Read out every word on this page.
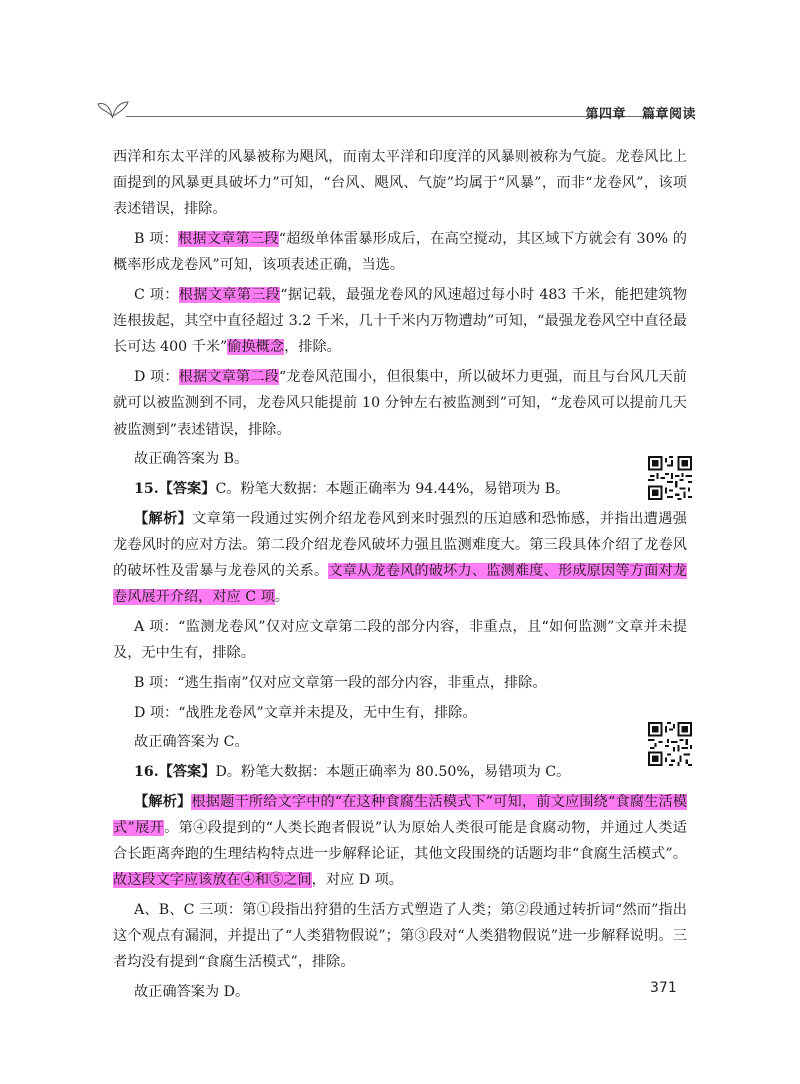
第四章 篇章阅读

西洋和东太平洋的风暴被称为飓风，而南太平洋和印度洋的风暴则被称为气旋。龙卷风比上面提到的风暴更具破坏力”可知，“台风、飓风、气旋”均属于“风暴”，而非“龙卷风”，该项表述错误，排除。

B 项：根据文章第三段“超级单体雷暴形成后，在高空搅动，其区域下方就会有 30% 的概率形成龙卷风”可知，该项表述正确，当选。

C 项：根据文章第三段“据记载，最强龙卷风的风速超过每小时 483 千米，能把建筑物连根拔起，其空中直径超过 3.2 千米，几十千米内万物遭劫”可知，“最强龙卷风空中直径最长可达 400 千米”偷换概念，排除。

D 项：根据文章第二段“龙卷风范围小，但很集中，所以破坏力更强，而且与台风几天前就可以被监测到不同，龙卷风只能提前 10 分钟左右被监测到”可知，“龙卷风可以提前几天被监测到”表述错误，排除。

故正确答案为 B。

15.【答案】C。粉笔大数据：本题正确率为 94.44%，易错项为 B。

【解析】文章第一段通过实例介绍龙卷风到来时强烈的压迫感和恐怖感，并指出遭遇强龙卷风时的应对方法。第二段介绍龙卷风破坏力强且监测难度大。第三段具体介绍了龙卷风的破坏性及雷暴与龙卷风的关系。文章从龙卷风的破坏力、监测难度、形成原因等方面对龙卷风展开介绍，对应 C 项。

A 项：“监测龙卷风”仅对应文章第二段的部分内容，非重点，且“如何监测”文章并未提及，无中生有，排除。

B 项：“逃生指南”仅对应文章第一段的部分内容，非重点，排除。

D 项：“战胜龙卷风”文章并未提及，无中生有，排除。

故正确答案为 C。

16.【答案】D。粉笔大数据：本题正确率为 80.50%，易错项为 C。

【解析】根据题干所给文字中的“在这种食腐生活模式下”可知，前文应围绕“食腐生活模式”展开。第④段提到的“人类长跑者假说”认为原始人类很可能是食腐动物，并通过人类适合长距离奔跑的生理结构特点进一步解释论证，其他文段围绕的话题均非“食腐生活模式”。故这段文字应该放在④和⑤之间，对应 D 项。

A、B、C 三项：第①段指出狩猎的生活方式塑造了人类；第②段通过转折词“然而”指出这个观点有漏洞，并提出了“人类猎物假说”；第③段对“人类猎物假说”进一步解释说明。三者均没有提到“食腐生活模式”，排除。

故正确答案为 D。	371
